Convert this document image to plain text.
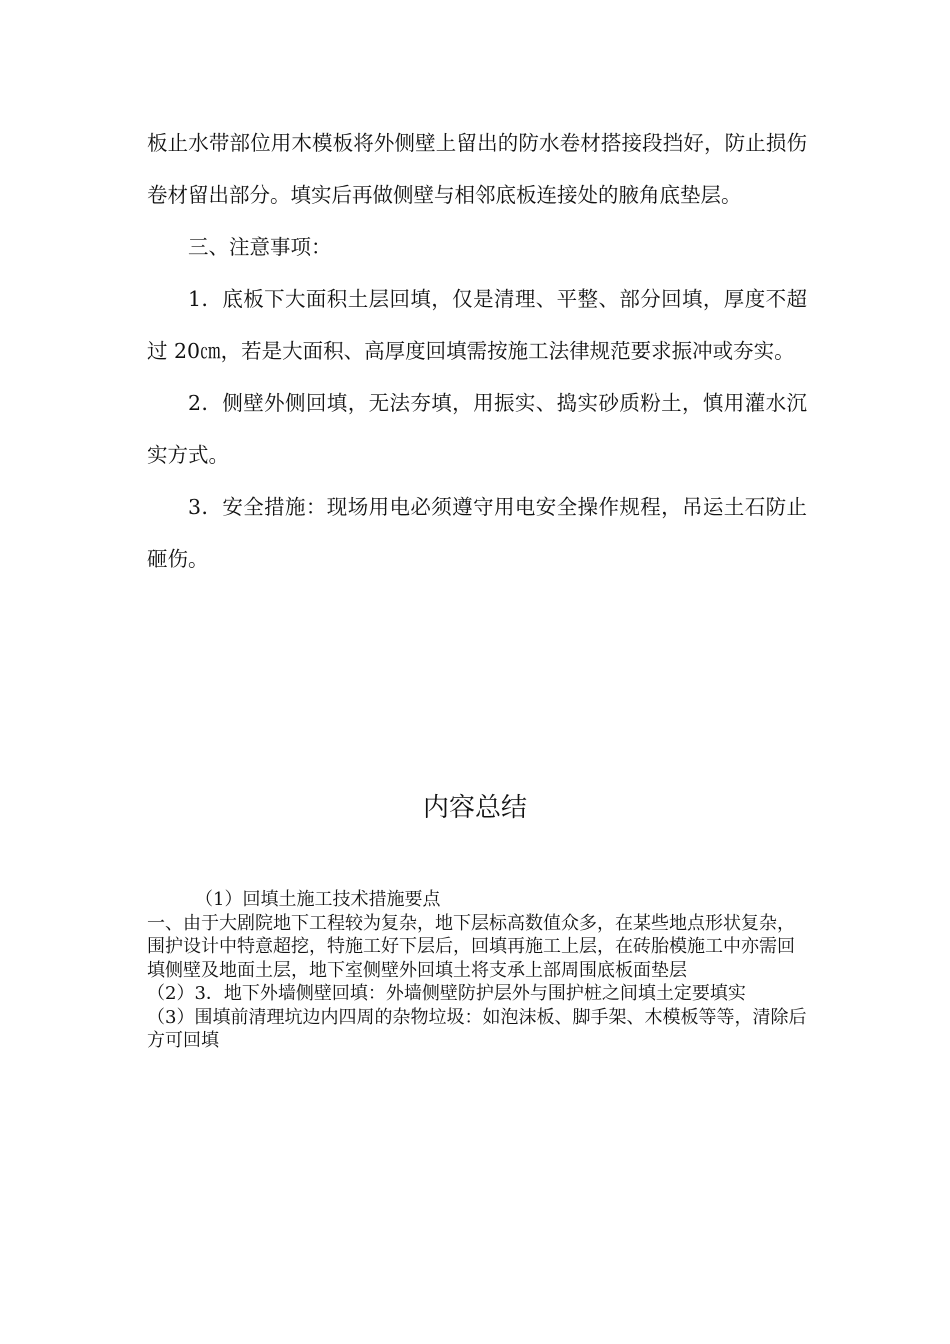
板止水带部位用木模板将外侧壁上留出的防水卷材搭接段挡好，防止损伤卷材留出部分。填实后再做侧壁与相邻底板连接处的腋角底垫层。

三、注意事项：

1．底板下大面积土层回填，仅是清理、平整、部分回填，厚度不超过 20㎝，若是大面积、高厚度回填需按施工法律规范要求振冲或夯实。

2．侧壁外侧回填，无法夯填，用振实、捣实砂质粉土，慎用灌水沉实方式。

3．安全措施：现场用电必须遵守用电安全操作规程，吊运土石防止砸伤。

内容总结

（1）回填土施工技术措施要点

一、由于大剧院地下工程较为复杂，地下层标高数值众多，在某些地点形状复杂，围护设计中特意超挖，特施工好下层后，回填再施工上层，在砖胎模施工中亦需回填侧壁及地面土层，地下室侧壁外回填土将支承上部周围底板面垫层

（2）3．地下外墙侧壁回填：外墙侧壁防护层外与围护桩之间填土定要填实

（3）围填前清理坑边内四周的杂物垃圾：如泡沫板、脚手架、木模板等等，清除后方可回填
